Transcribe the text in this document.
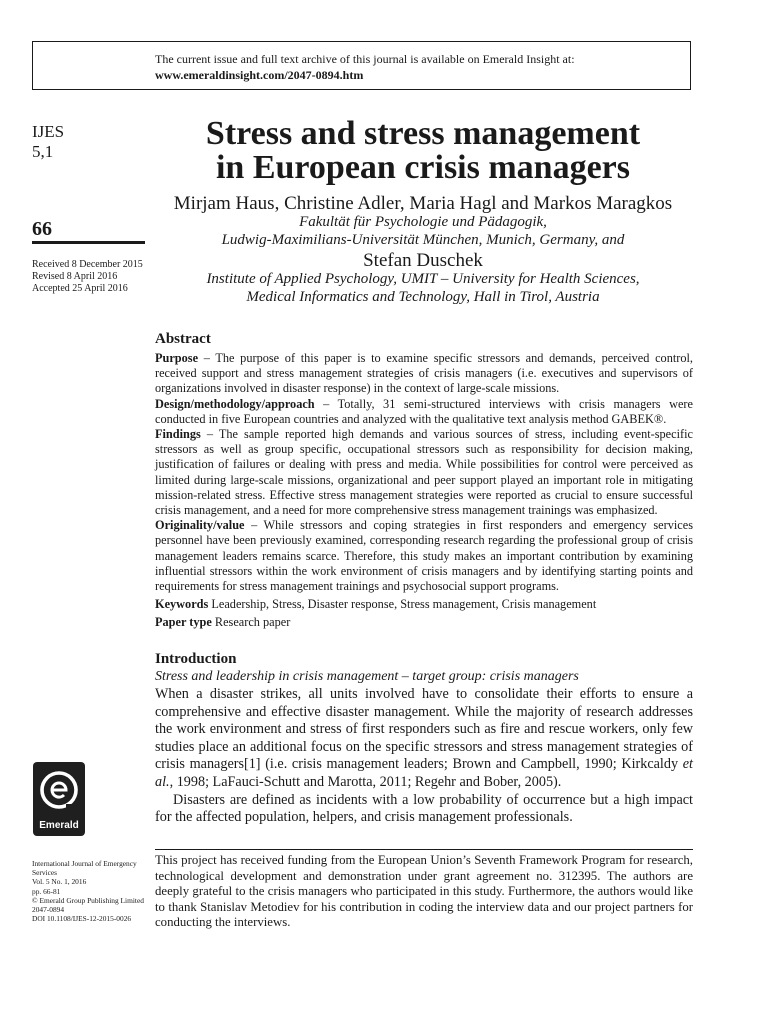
The current issue and full text archive of this journal is available on Emerald Insight at:
www.emeraldinsight.com/2047-0894.htm
IJES
5,1
66
Received 8 December 2015
Revised 8 April 2016
Accepted 25 April 2016
Emerald
International Journal of Emergency
Services
Vol. 5 No. 1, 2016
pp. 66-81
© Emerald Group Publishing Limited
2047-0894
DOI 10.1108/IJES-12-2015-0026
Stress and stress management
in European crisis managers
Mirjam Haus, Christine Adler, Maria Hagl and Markos Maragkos
Fakultät für Psychologie und Pädagogik,
Ludwig-Maximilians-Universität München, Munich, Germany, and
Stefan Duschek
Institute of Applied Psychology, UMIT – University for Health Sciences,
Medical Informatics and Technology, Hall in Tirol, Austria
Abstract

Purpose – The purpose of this paper is to examine specific stressors and demands, perceived control, received support and stress management strategies of crisis managers (i.e. executives and supervisors of organizations involved in disaster response) in the context of large-scale missions.

Design/methodology/approach – Totally, 31 semi-structured interviews with crisis managers were conducted in five European countries and analyzed with the qualitative text analysis method GABEK®.

Findings – The sample reported high demands and various sources of stress, including event-specific stressors as well as group specific, occupational stressors such as responsibility for decision making, justification of failures or dealing with press and media. While possibilities for control were perceived as limited during large-scale missions, organizational and peer support played an important role in mitigating mission-related stress. Effective stress management strategies were reported as crucial to ensure successful crisis management, and a need for more comprehensive stress management trainings was emphasized.

Originality/value – While stressors and coping strategies in first responders and emergency services personnel have been previously examined, corresponding research regarding the professional group of crisis management leaders remains scarce. Therefore, this study makes an important contribution by examining influential stressors within the work environment of crisis managers and by identifying starting points and requirements for stress management trainings and psychosocial support programs.

Keywords Leadership, Stress, Disaster response, Stress management, Crisis management

Paper type Research paper

Introduction
Stress and leadership in crisis management – target group: crisis managers

When a disaster strikes, all units involved have to consolidate their efforts to ensure a comprehensive and effective disaster management. While the majority of research addresses the work environment and stress of first responders such as fire and rescue workers, only few studies place an additional focus on the specific stressors and stress management strategies of crisis managers[1] (i.e. crisis management leaders; Brown and Campbell, 1990; Kirkcaldy et al., 1998; LaFauci-Schutt and Marotta, 2011; Regehr and Bober, 2005).

Disasters are defined as incidents with a low probability of occurrence but a high impact for the affected population, helpers, and crisis management professionals.

This project has received funding from the European Union’s Seventh Framework Program for research, technological development and demonstration under grant agreement no. 312395. The authors are deeply grateful to the crisis managers who participated in this study. Furthermore, the authors would like to thank Stanislav Metodiev for his contribution in coding the interview data and our project partners for conducting the interviews.
